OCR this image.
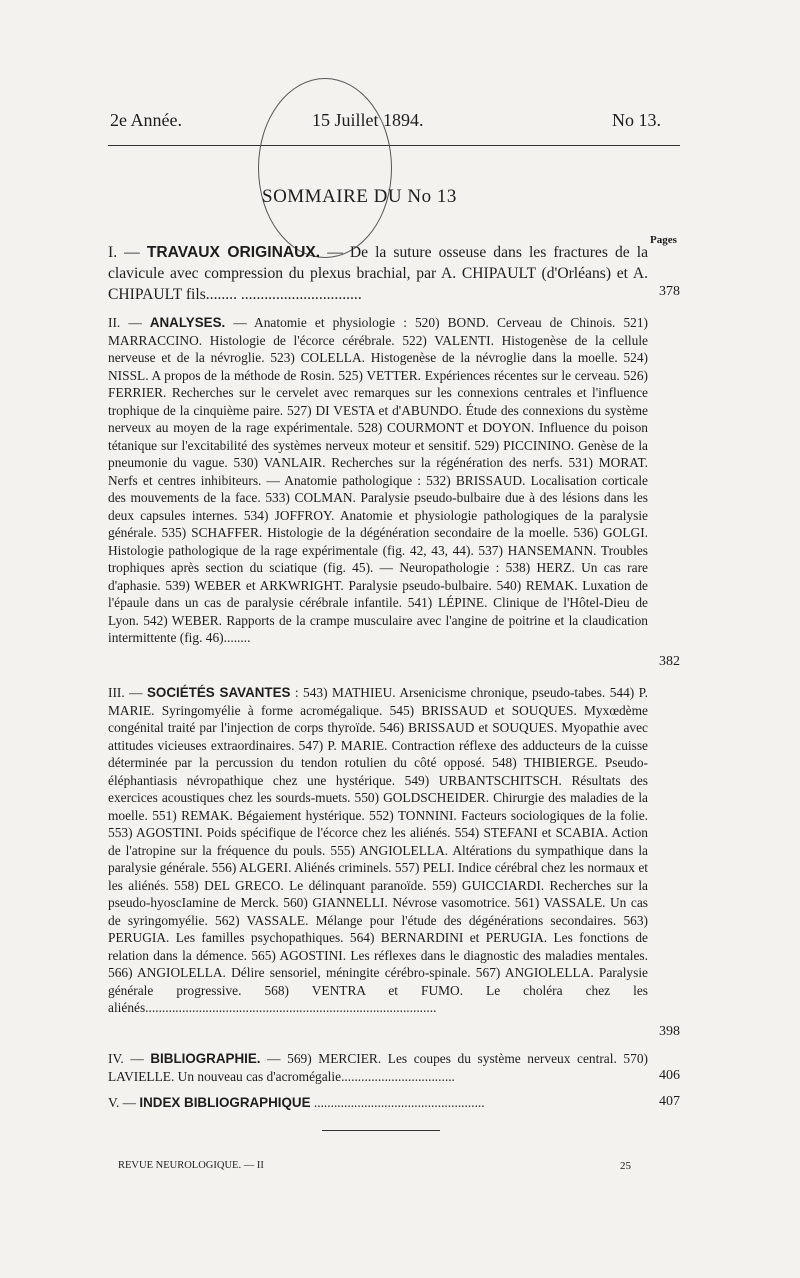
2e Année.	15 Juillet 1894.	No 13.
SOMMAIRE DU No 13
Pages
I. — TRAVAUX ORIGINAUX. — De la suture osseuse dans les fractures de la clavicule avec compression du plexus brachial, par A. CHIPAULT (d'Orléans) et A. CHIPAULT fils........ ...............................	378
II. — ANALYSES. — Anatomie et physiologie : 520) BOND. Cerveau de Chinois. 521) MARRACCINO. Histologie de l'écorce cérébrale. 522) VALENTI. Histogenèse de la cellule nerveuse et de la névroglie. 523) COLELLA. Histogenèse de la névroglie dans la moelle. 524) NISSL. A propos de la méthode de Rosin. 525) VETTER. Expériences récentes sur le cerveau. 526) FERRIER. Recherches sur le cervelet avec remarques sur les connexions centrales et l'influence trophique de la cinquième paire. 527) DI VESTA et d'ABUNDO. Étude des connexions du système nerveux au moyen de la rage expérimentale. 528) COURMONT et DOYON. Influence du poison tétanique sur l'excitabilité des systèmes nerveux moteur et sensitif. 529) PICCININO. Genèse de la pneumonie du vague. 530) VANLAIR. Recherches sur la régénération des nerfs. 531) MORAT. Nerfs et centres inhibiteurs. — Anatomie pathologique : 532) BRISSAUD. Localisation corticale des mouvements de la face. 533) COLMAN. Paralysie pseudo-bulbaire due à des lésions dans les deux capsules internes. 534) JOFFROY. Anatomie et physiologie pathologiques de la paralysie générale. 535) SCHAFFER. Histologie de la dégénération secondaire de la moelle. 536) GOLGI. Histologie pathologique de la rage expérimentale (fig. 42, 43, 44). 537) HANSEMANN. Troubles trophiques après section du sciatique (fig. 45). — Neuropathologie : 538) HERZ. Un cas rare d'aphasie. 539) WEBER et ARKWRIGHT. Paralysie pseudo-bulbaire. 540) REMAK. Luxation de l'épaule dans un cas de paralysie cérébrale infantile. 541) LÉPINE. Clinique de l'Hôtel-Dieu de Lyon. 542) WEBER. Rapports de la crampe musculaire avec l'angine de poitrine et la claudication intermittente (fig. 46)........
382
III. — SOCIÉTÉS SAVANTES : 543) MATHIEU. Arsenicisme chronique, pseudo-tabes. 544) P. MARIE. Syringomyélie à forme acromégalique. 545) BRISSAUD et SOUQUES. Myxœdème congénital traité par l'injection de corps thyroïde. 546) BRISSAUD et SOUQUES. Myopathie avec attitudes vicieuses extraordinaires. 547) P. MARIE. Contraction réflexe des adducteurs de la cuisse déterminée par la percussion du tendon rotulien du côté opposé. 548) THIBIERGE. Pseudo-éléphantiasis névropathique chez une hystérique. 549) URBANTSCHITSCH. Résultats des exercices acoustiques chez les sourds-muets. 550) GOLDSCHEIDER. Chirurgie des maladies de la moelle. 551) REMAK. Bégaiement hystérique. 552) TONNINI. Facteurs sociologiques de la folie. 553) AGOSTINI. Poids spécifique de l'écorce chez les aliénés. 554) STEFANI et SCABIA. Action de l'atropine sur la fréquence du pouls. 555) ANGIOLELLA. Altérations du sympathique dans la paralysie générale. 556) ALGERI. Aliénés criminels. 557) PELI. Indice cérébral chez les normaux et les aliénés. 558) DEL GRECO. Le délinquant paranoïde. 559) GUICCIARDI. Recherches sur la pseudo-hyoscIamine de Merck. 560) GIANNELLI. Névrose vasomotrice. 561) VASSALE. Un cas de syringomyélie. 562) VASSALE. Mélange pour l'étude des dégénérations secondaires. 563) PERUGIA. Les familles psychopathiques. 564) BERNARDINI et PERUGIA. Les fonctions de relation dans la démence. 565) AGOSTINI. Les réflexes dans le diagnostic des maladies mentales. 566) ANGIOLELLA. Délire sensoriel, méningite cérébro-spinale. 567) ANGIOLELLA. Paralysie générale progressive. 568) VENTRA et FUMO. Le choléra chez les aliénés.......................................................................................
398
IV. — BIBLIOGRAPHIE. — 569) MERCIER. Les coupes du système nerveux central. 570) LAVIELLE. Un nouveau cas d'acromégalie..................................	406
V. — INDEX BIBLIOGRAPHIQUE ...................................................	407
REVUE NEUROLOGIQUE. — II	25
